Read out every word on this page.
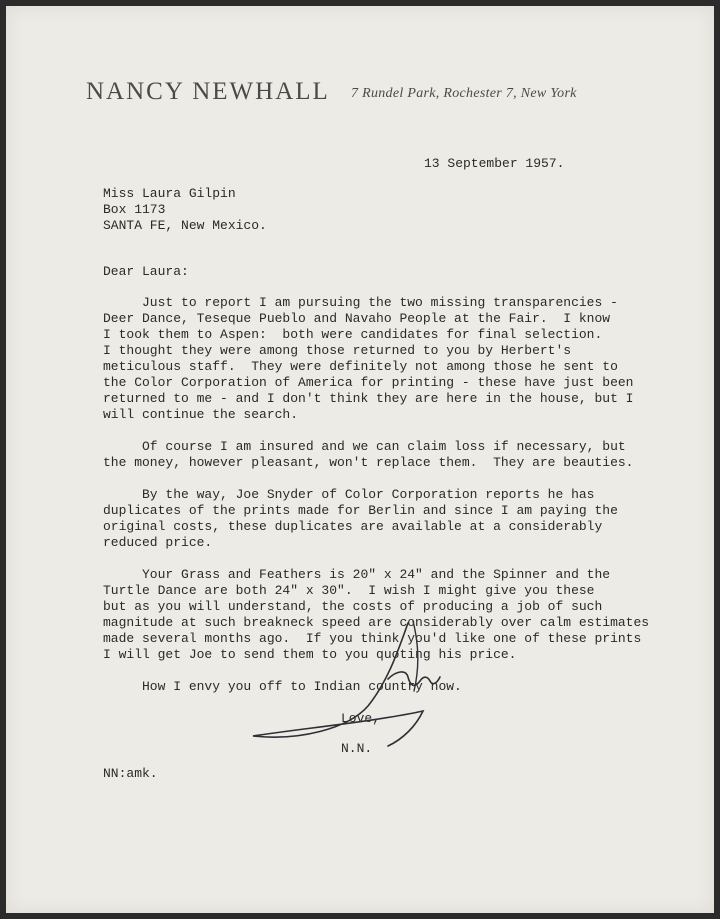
NANCY NEWHALL 7 Rundel Park, Rochester 7, New York
13 September 1957.
Miss Laura Gilpin
Box 1173
SANTA FE, New Mexico.
Dear Laura:
Just to report I am pursuing the two missing transparencies -
Deer Dance, Teseque Pueblo and Navaho People at the Fair.  I know
I took them to Aspen:  both were candidates for final selection.
I thought they were among those returned to you by Herbert's
meticulous staff.  They were definitely not among those he sent to
the Color Corporation of America for printing - these have just been
returned to me - and I don't think they are here in the house, but I
will continue the search.
Of course I am insured and we can claim loss if necessary, but
the money, however pleasant, won't replace them.  They are beauties.
By the way, Joe Snyder of Color Corporation reports he has
duplicates of the prints made for Berlin and since I am paying the
original costs, these duplicates are available at a considerably
reduced price.
Your Grass and Feathers is 20" x 24" and the Spinner and the
Turtle Dance are both 24" x 30".  I wish I might give you these
but as you will understand, the costs of producing a job of such
magnitude at such breakneck speed are considerably over calm estimates
made several months ago.  If you think you'd like one of these prints
I will get Joe to send them to you quoting his price.
How I envy you off to Indian country now.
Love,
N.N.
NN:amk.
